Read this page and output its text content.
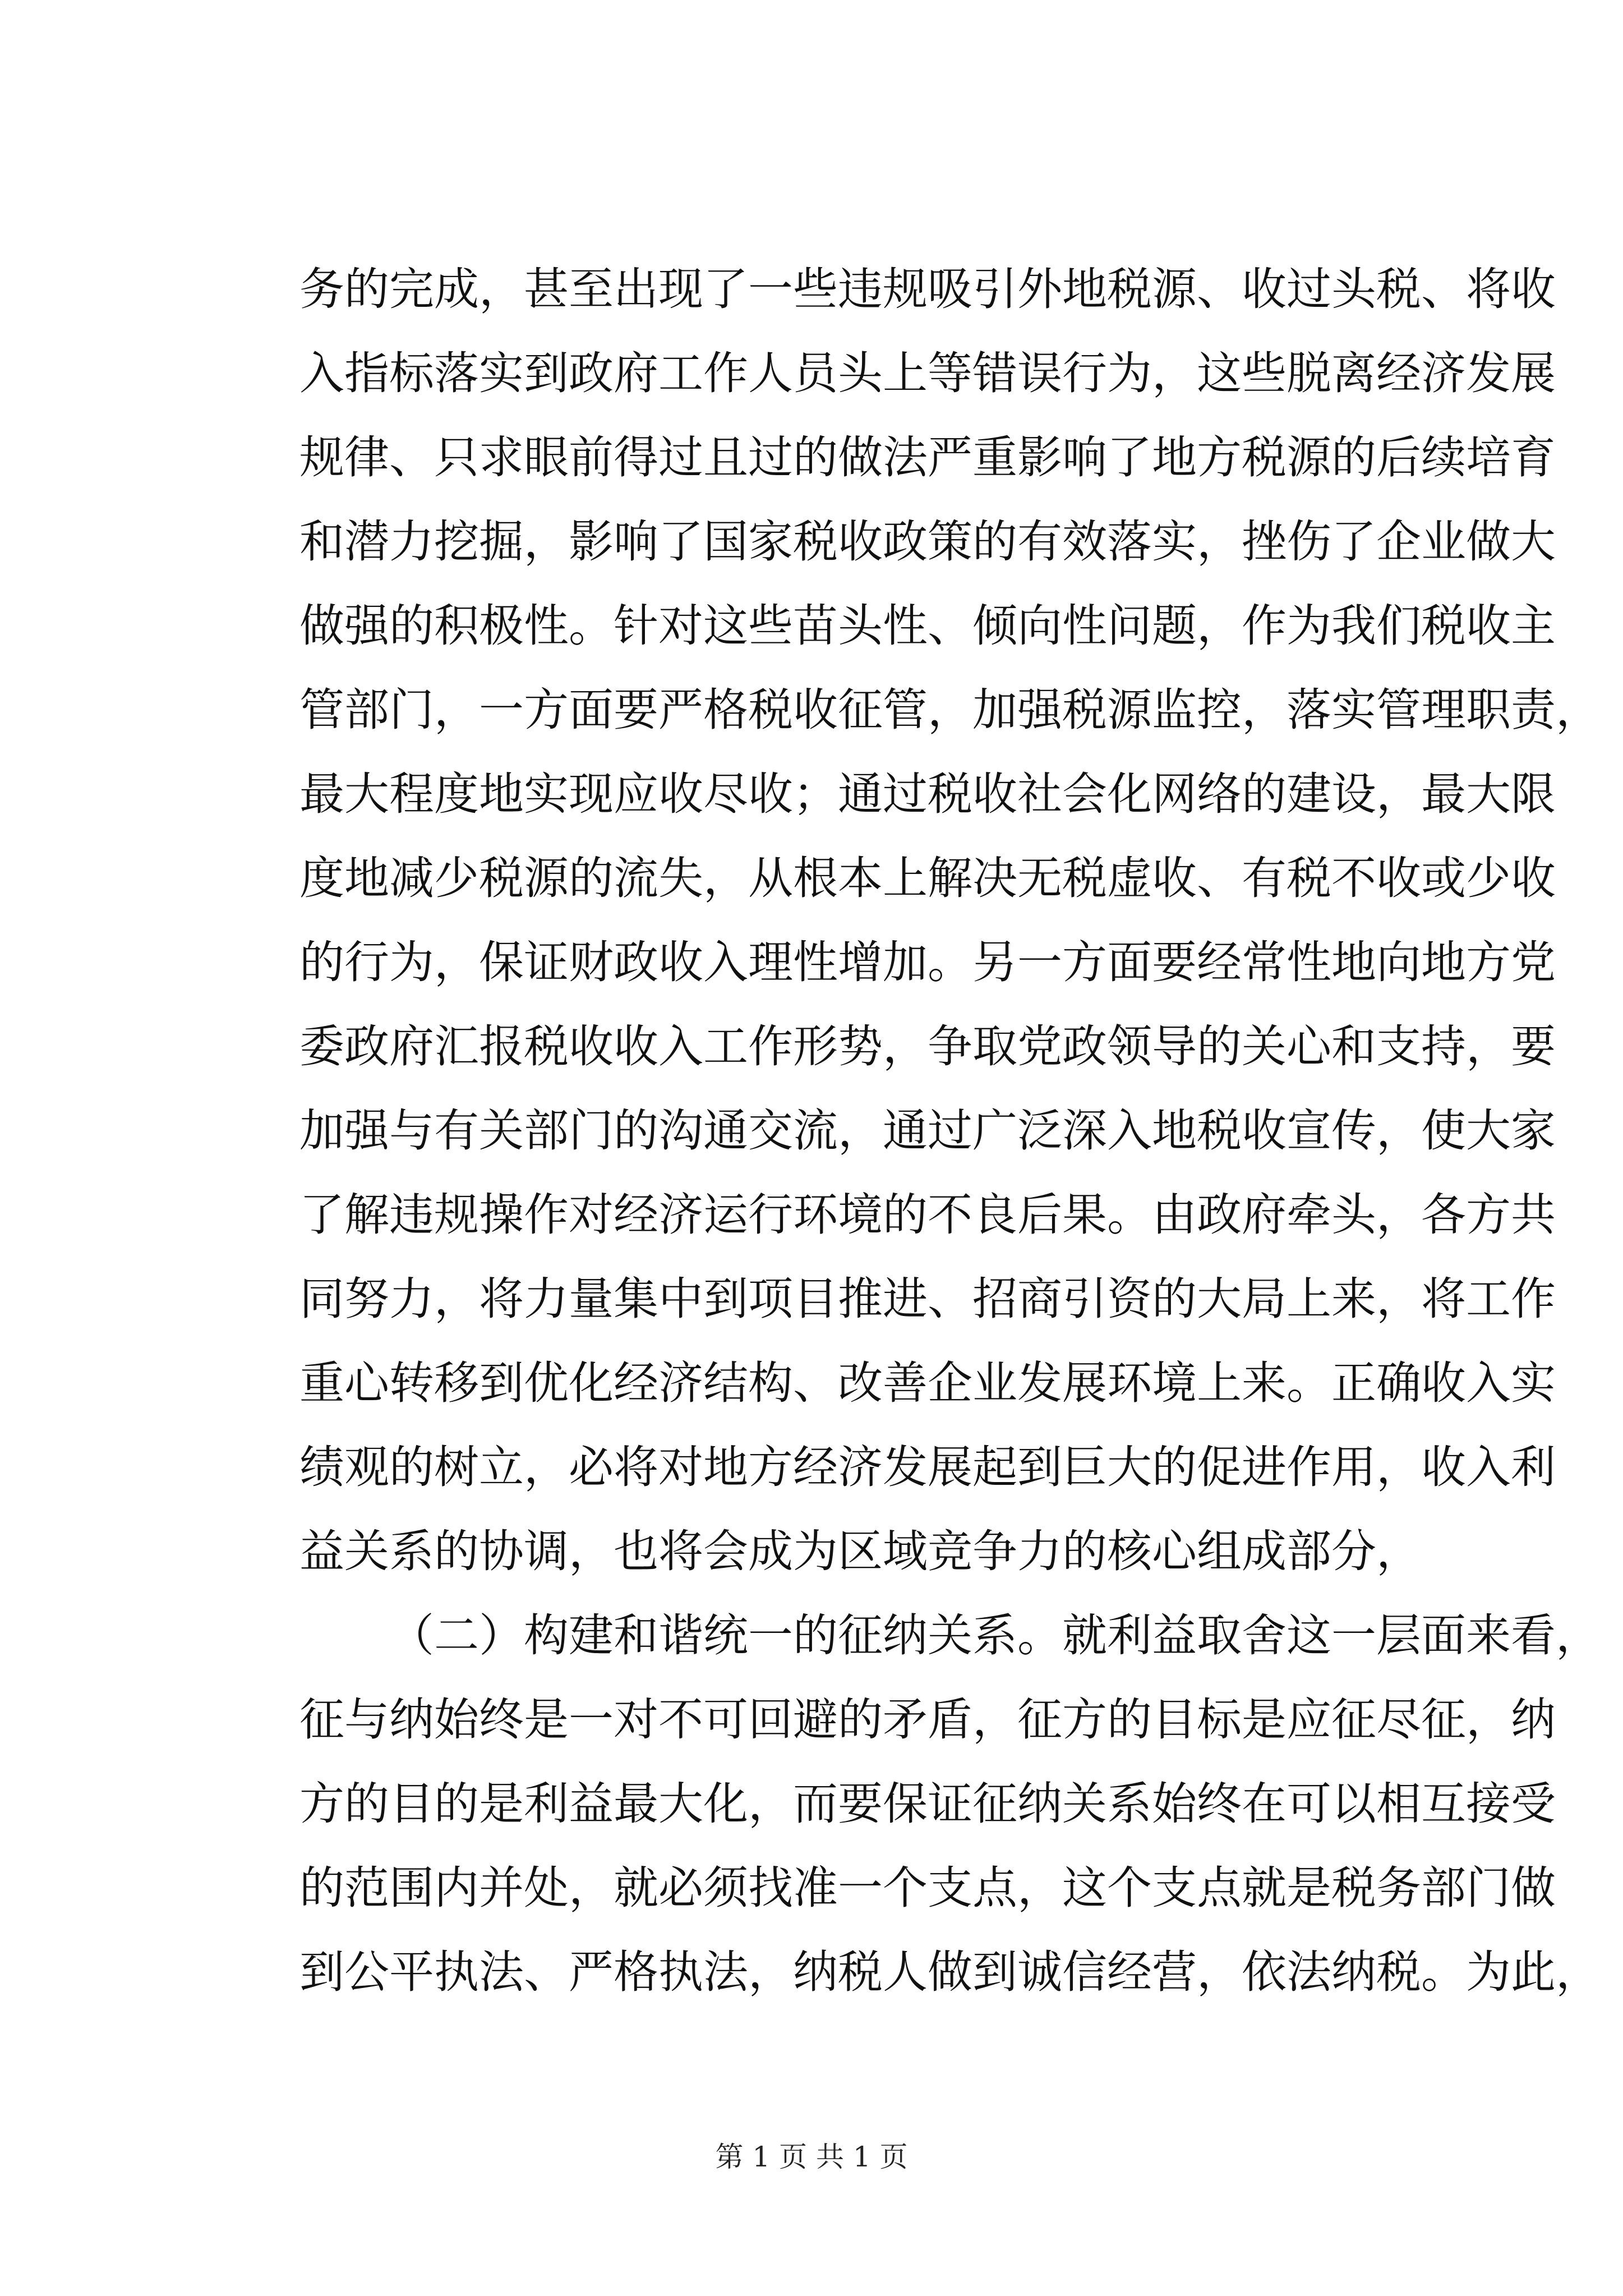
务的完成，甚至出现了一些违规吸引外地税源、收过头税、将收
入指标落实到政府工作人员头上等错误行为，这些脱离经济发展
规律、只求眼前得过且过的做法严重影响了地方税源的后续培育
和潜力挖掘，影响了国家税收政策的有效落实，挫伤了企业做大
做强的积极性。针对这些苗头性、倾向性问题，作为我们税收主
管部门，一方面要严格税收征管，加强税源监控，落实管理职责，
最大程度地实现应收尽收；通过税收社会化网络的建设，最大限
度地减少税源的流失，从根本上解决无税虚收、有税不收或少收
的行为，保证财政收入理性增加。另一方面要经常性地向地方党
委政府汇报税收收入工作形势，争取党政领导的关心和支持，要
加强与有关部门的沟通交流，通过广泛深入地税收宣传，使大家
了解违规操作对经济运行环境的不良后果。由政府牵头，各方共
同努力，将力量集中到项目推进、招商引资的大局上来，将工作
重心转移到优化经济结构、改善企业发展环境上来。正确收入实
绩观的树立，必将对地方经济发展起到巨大的促进作用，收入利
益关系的协调，也将会成为区域竞争力的核心组成部分，
（二）构建和谐统一的征纳关系。就利益取舍这一层面来看，
征与纳始终是一对不可回避的矛盾，征方的目标是应征尽征，纳
方的目的是利益最大化，而要保证征纳关系始终在可以相互接受
的范围内并处，就必须找准一个支点，这个支点就是税务部门做
到公平执法、严格执法，纳税人做到诚信经营，依法纳税。为此，
第 1 页 共 1 页
